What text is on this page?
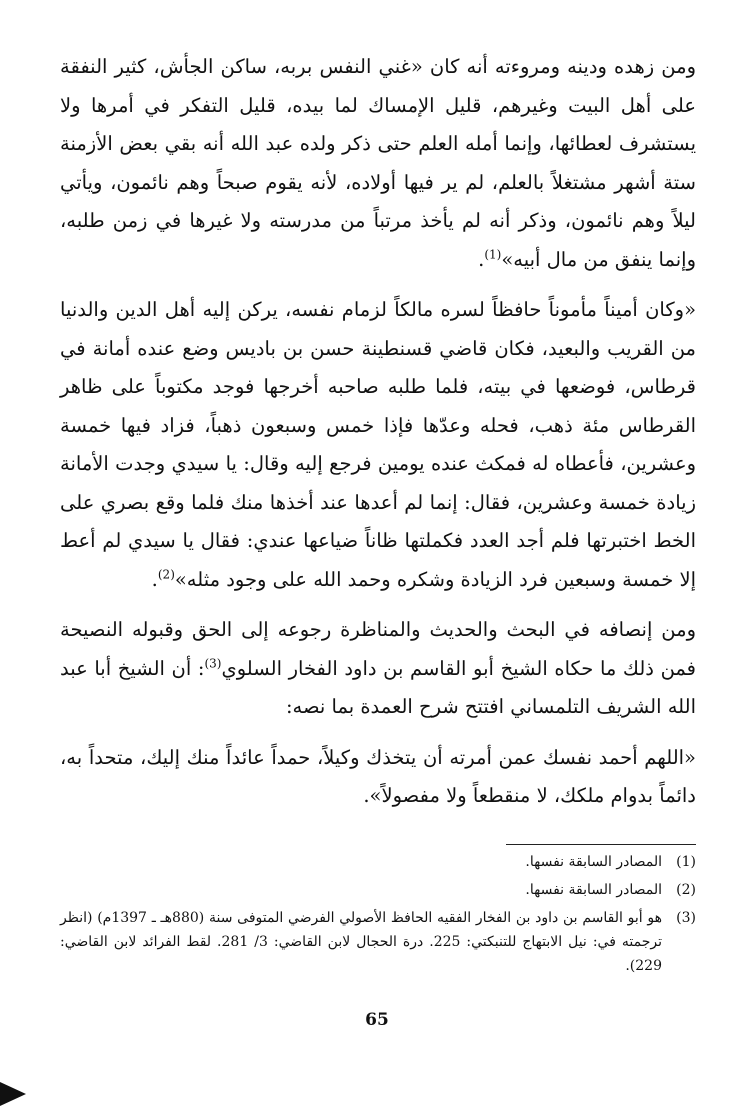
ومن زهده ودينه ومروءته أنه كان «غني النفس بربه، ساكن الجأش، كثير النفقة على أهل البيت وغيرهم، قليل الإمساك لما بيده، قليل التفكر في أمرها ولا يستشرف لعطائها، وإنما أمله العلم حتى ذكر ولده عبد الله أنه بقي بعض الأزمنة ستة أشهر مشتغلاً بالعلم، لم ير فيها أولاده، لأنه يقوم صبحاً وهم نائمون، ويأتي ليلاً وهم نائمون، وذكر أنه لم يأخذ مرتباً من مدرسته ولا غيرها في زمن طلبه، وإنما ينفق من مال أبيه»$^{(1)}$.

«وكان أميناً مأموناً حافظاً لسره مالكاً لزمام نفسه، يركن إليه أهل الدين والدنيا من القريب والبعيد، فكان قاضي قسنطينة حسن بن باديس وضع عنده أمانة في قرطاس، فوضعها في بيته، فلما طلبه صاحبه أخرجها فوجد مكتوباً على ظاهر القرطاس مئة ذهب، فحله وعدّها فإذا خمس وسبعون ذهباً، فزاد فيها خمسة وعشرين، فأعطاه له فمكث عنده يومين فرجع إليه وقال: يا سيدي وجدت الأمانة زيادة خمسة وعشرين، فقال: إنما لم أعدها عند أخذها منك فلما وقع بصري على الخط اختبرتها فلم أجد العدد فكملتها ظاناً ضياعها عندي: فقال يا سيدي لم أعط إلا خمسة وسبعين فرد الزيادة وشكره وحمد الله على وجود مثله»$^{(2)}$.

ومن إنصافه في البحث والحديث والمناظرة رجوعه إلى الحق وقبوله النصيحة فمن ذلك ما حكاه الشيخ أبو القاسم بن داود الفخار السلوي$^{(3)}$: أن الشيخ أبا عبد الله الشريف التلمساني افتتح شرح العمدة بما نصه:

«اللهم أحمد نفسك عمن أمرته أن يتخذك وكيلاً، حمداً عائداً منك إليك، متحداً به، دائماً بدوام ملكك، لا منقطعاً ولا مفصولاً».

(1)
المصادر السابقة نفسها.
(2)
المصادر السابقة نفسها.
(3)
هو أبو القاسم بن داود بن الفخار الفقيه الحافظ الأصولي الفرضي المتوفى سنة (880هـ ـ 1397م) (انظر ترجمته في: نيل الابتهاج للتنبكتي: 225. درة الحجال لابن القاضي: 3/ 281. لقط الفرائد لابن القاضي: 229).
65
